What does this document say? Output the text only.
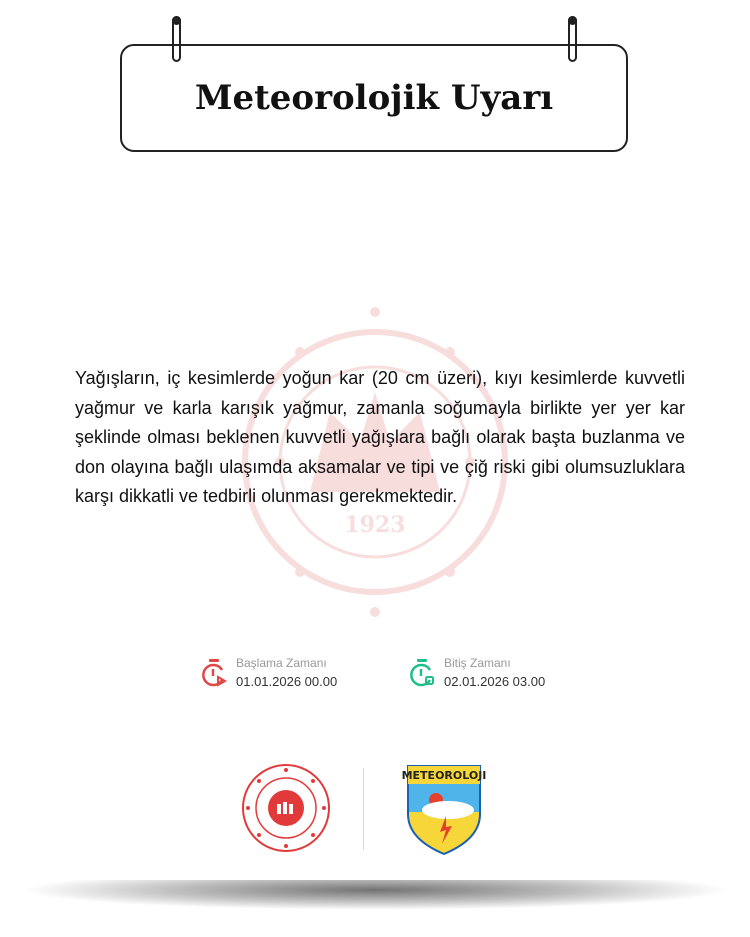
Meteorolojik Uyarı
1923
Yağışların, iç kesimlerde yoğun kar (20 cm üzeri), kıyı kesimlerde kuvvetli yağmur ve karla karışık yağmur, zamanla soğumayla birlikte yer yer kar şeklinde olması beklenen kuvvetli yağışlara bağlı olarak başta buzlanma ve don olayına bağlı ulaşımda aksamalar ve tipi ve çiğ riski gibi olumsuzluklara karşı dikkatli ve tedbirli olunması gerekmektedir.
Başlama Zamanı
01.01.2026 00.00
Bitiş Zamanı
02.01.2026 03.00
METEOROLOJI
